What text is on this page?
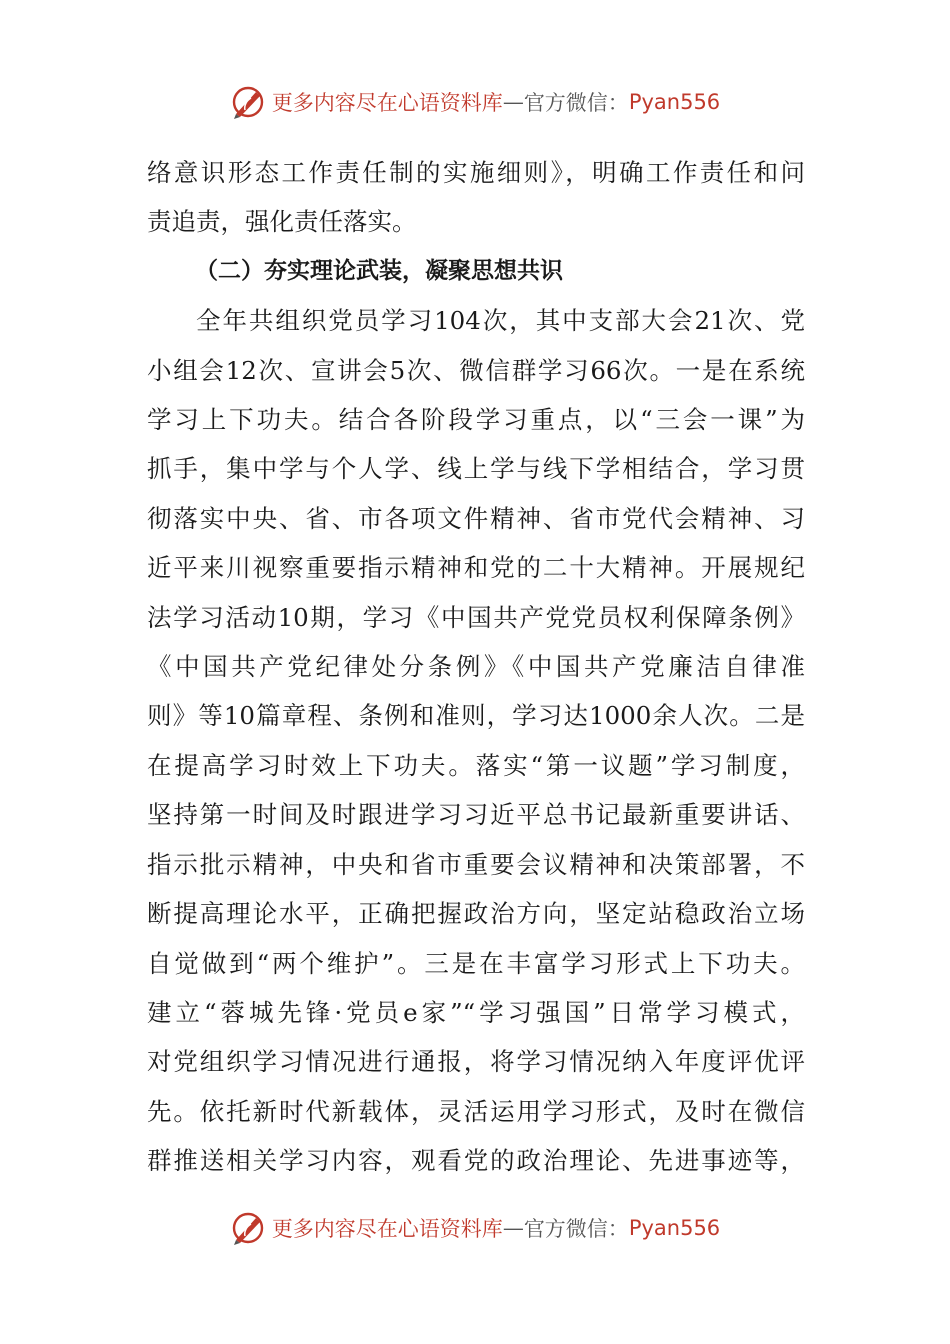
更多内容尽在心语资料库 — 官方微信： Pyan556
络意识形态工作责任制的实施细则》，明确工作责任和问
责追责，强化责任落实。
（二）夯实理论武装，凝聚思想共识
全年共组织党员学习104次，其中支部大会21次、党
小组会12次、宣讲会5次、微信群学习66次。一是在系统
学习上下功夫。结合各阶段学习重点，以“三会一课”为
抓手，集中学与个人学、线上学与线下学相结合，学习贯
彻落实中央、省、市各项文件精神、省市党代会精神、习
近平来川视察重要指示精神和党的二十大精神。开展规纪
法学习活动10期，学习《中国共产党党员权利保障条例》
《中国共产党纪律处分条例》《中国共产党廉洁自律准
则》等10篇章程、条例和准则，学习达1000余人次。二是
在提高学习时效上下功夫。落实“第一议题”学习制度，
坚持第一时间及时跟进学习习近平总书记最新重要讲话、
指示批示精神，中央和省市重要会议精神和决策部署，不
断提高理论水平，正确把握政治方向，坚定站稳政治立场
自觉做到“两个维护”。三是在丰富学习形式上下功夫。
建立“蓉城先锋·党员e家”“学习强国”日常学习模式，
对党组织学习情况进行通报，将学习情况纳入年度评优评
先。依托新时代新载体，灵活运用学习形式，及时在微信
群推送相关学习内容，观看党的政治理论、先进事迹等，
更多内容尽在心语资料库 — 官方微信： Pyan556
